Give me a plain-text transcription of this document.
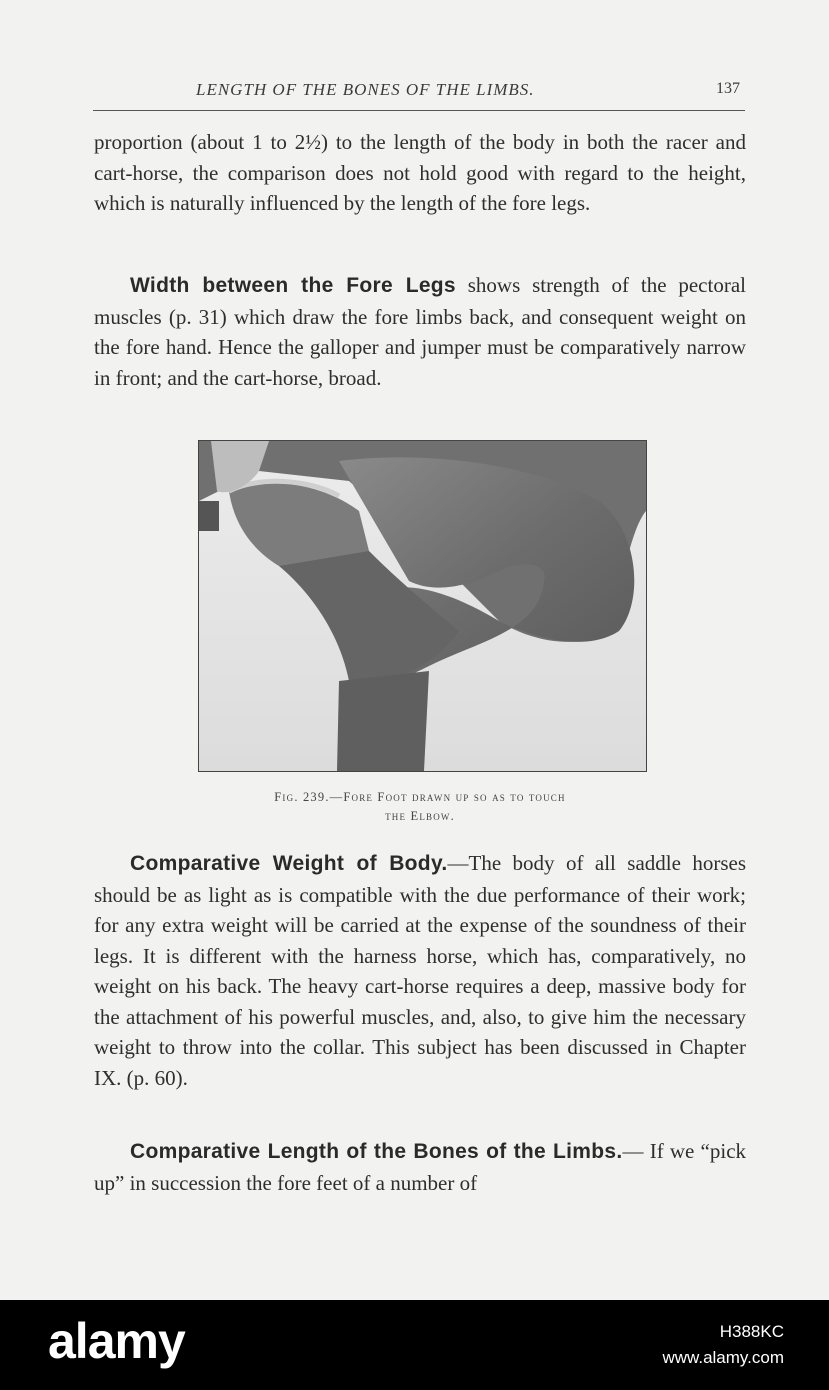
LENGTH OF THE BONES OF THE LIMBS.	137
proportion (about 1 to 2½) to the length of the body in both the racer and cart-horse, the comparison does not hold good with regard to the height, which is naturally influenced by the length of the fore legs.
Width between the Fore Legs shows strength of the pectoral muscles (p. 31) which draw the fore limbs back, and consequent weight on the fore hand. Hence the galloper and jumper must be comparatively narrow in front; and the cart-horse, broad.
Fig. 239.—Fore Foot drawn up so as to touch
the Elbow.
Comparative Weight of Body.—The body of all saddle horses should be as light as is compatible with the due performance of their work; for any extra weight will be carried at the expense of the soundness of their legs. It is different with the harness horse, which has, comparatively, no weight on his back. The heavy cart-horse requires a deep, massive body for the attachment of his powerful muscles, and, also, to give him the necessary weight to throw into the collar. This subject has been discussed in Chapter IX. (p. 60).
Comparative Length of the Bones of the Limbs.— If we “pick up” in succession the fore feet of a number of
alamy	H388KC
www.alamy.com
